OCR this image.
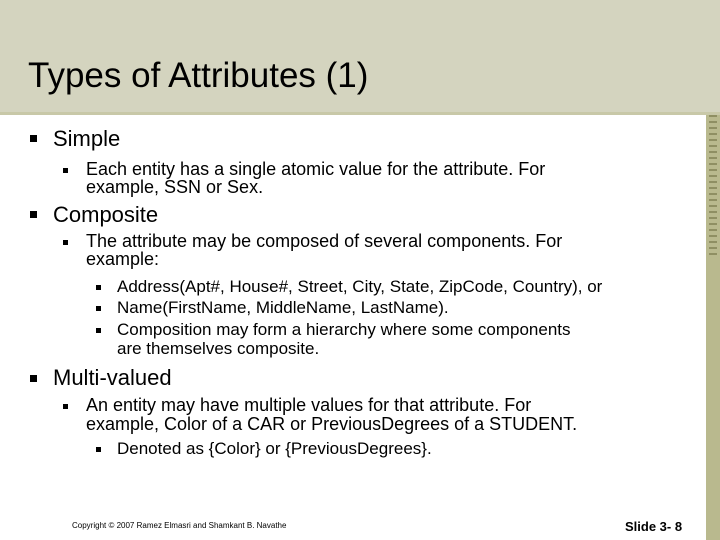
Types of Attributes (1)

Simple

Each entity has a single atomic value for the attribute. For

example, SSN or Sex.

Composite

The attribute may be composed of several components. For

example:

Address(Apt#, House#, Street, City, State, ZipCode, Country), or

Name(FirstName, MiddleName, LastName).

Composition may form a hierarchy where some components

are themselves composite.

Multi-valued

An entity may have multiple values for that attribute. For

example, Color of a CAR or PreviousDegrees of a STUDENT.

Denoted as {Color} or {PreviousDegrees}.

Copyright © 2007 Ramez Elmasri and Shamkant B. Navathe	Slide 3- 8
